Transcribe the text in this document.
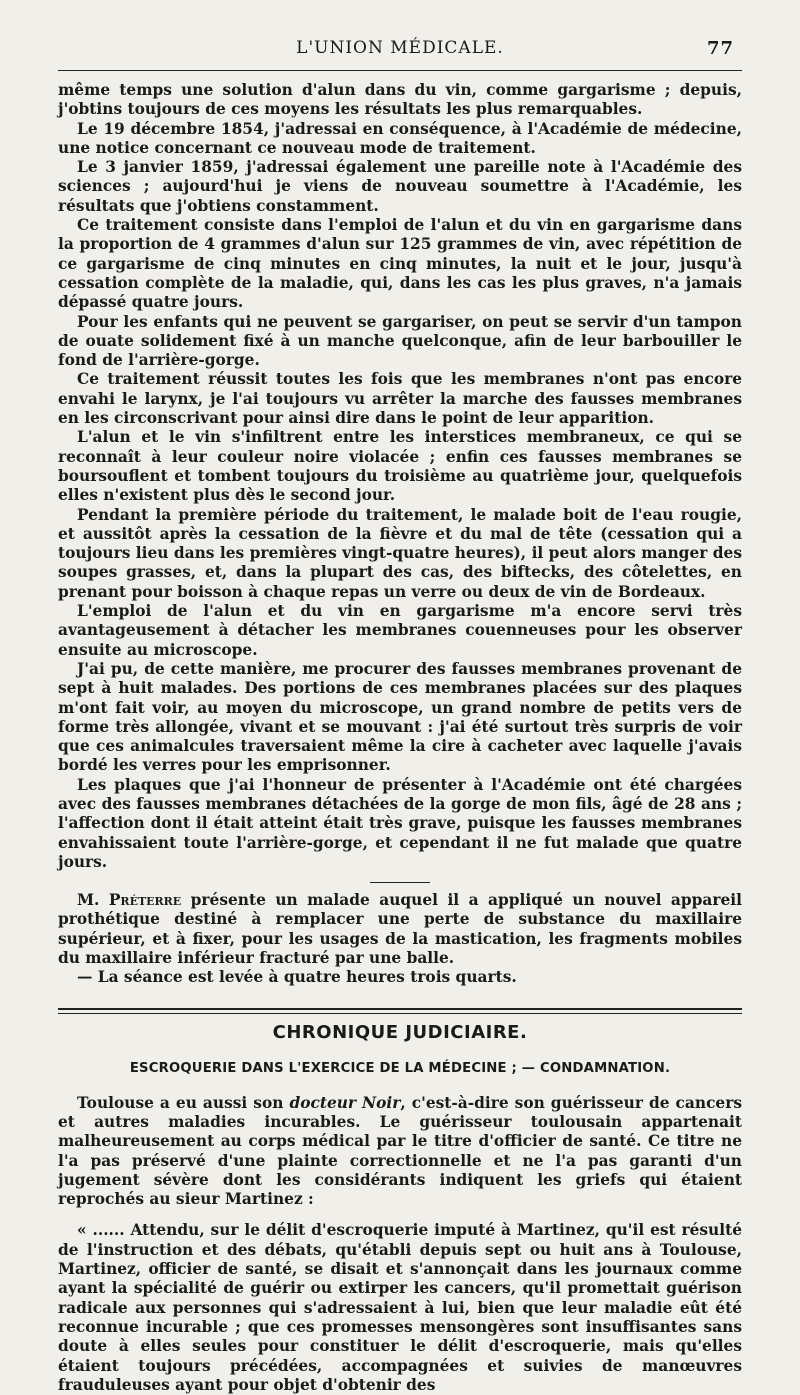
L'UNION MÉDICALE.	77

même temps une solution d'alun dans du vin, comme gargarisme ; depuis, j'obtins toujours de ces moyens les résultats les plus remarquables.

Le 19 décembre 1854, j'adressai en conséquence, à l'Académie de médecine, une notice concernant ce nouveau mode de traitement.

Le 3 janvier 1859, j'adressai également une pareille note à l'Académie des sciences ; aujourd'hui je viens de nouveau soumettre à l'Académie, les résultats que j'obtiens constamment.

Ce traitement consiste dans l'emploi de l'alun et du vin en gargarisme dans la proportion de 4 grammes d'alun sur 125 grammes de vin, avec répétition de ce gargarisme de cinq minutes en cinq minutes, la nuit et le jour, jusqu'à cessation complète de la maladie, qui, dans les cas les plus graves, n'a jamais dépassé quatre jours.

Pour les enfants qui ne peuvent se gargariser, on peut se servir d'un tampon de ouate solidement fixé à un manche quelconque, afin de leur barbouiller le fond de l'arrière-gorge.

Ce traitement réussit toutes les fois que les membranes n'ont pas encore envahi le larynx, je l'ai toujours vu arrêter la marche des fausses membranes en les circonscrivant pour ainsi dire dans le point de leur apparition.

L'alun et le vin s'infiltrent entre les interstices membraneux, ce qui se reconnaît à leur couleur noire violacée ; enfin ces fausses membranes se boursouflent et tombent toujours du troisième au quatrième jour, quelquefois elles n'existent plus dès le second jour.

Pendant la première période du traitement, le malade boit de l'eau rougie, et aussitôt après la cessation de la fièvre et du mal de tête (cessation qui a toujours lieu dans les premières vingt-quatre heures), il peut alors manger des soupes grasses, et, dans la plupart des cas, des biftecks, des côtelettes, en prenant pour boisson à chaque repas un verre ou deux de vin de Bordeaux.

L'emploi de l'alun et du vin en gargarisme m'a encore servi très avantageusement à détacher les membranes couenneuses pour les observer ensuite au microscope.

J'ai pu, de cette manière, me procurer des fausses membranes provenant de sept à huit malades. Des portions de ces membranes placées sur des plaques m'ont fait voir, au moyen du microscope, un grand nombre de petits vers de forme très allongée, vivant et se mouvant : j'ai été surtout très surpris de voir que ces animalcules traversaient même la cire à cacheter avec laquelle j'avais bordé les verres pour les emprisonner.

Les plaques que j'ai l'honneur de présenter à l'Académie ont été chargées avec des fausses membranes détachées de la gorge de mon fils, âgé de 28 ans ; l'affection dont il était atteint était très grave, puisque les fausses membranes envahissaient toute l'arrière-gorge, et cependant il ne fut malade que quatre jours.

M. Préterre présente un malade auquel il a appliqué un nouvel appareil prothétique destiné à remplacer une perte de substance du maxillaire supérieur, et à fixer, pour les usages de la mastication, les fragments mobiles du maxillaire inférieur fracturé par une balle.

— La séance est levée à quatre heures trois quarts.

CHRONIQUE JUDICIAIRE.
ESCROQUERIE DANS L'EXERCICE DE LA MÉDECINE ; — CONDAMNATION.

Toulouse a eu aussi son docteur Noir, c'est-à-dire son guérisseur de cancers et autres maladies incurables. Le guérisseur toulousain appartenait malheureusement au corps médical par le titre d'officier de santé. Ce titre ne l'a pas préservé d'une plainte correctionnelle et ne l'a pas garanti d'un jugement sévère dont les considérants indiquent les griefs qui étaient reprochés au sieur Martinez :

« ...... Attendu, sur le délit d'escroquerie imputé à Martinez, qu'il est résulté de l'instruction et des débats, qu'établi depuis sept ou huit ans à Toulouse, Martinez, officier de santé, se disait et s'annonçait dans les journaux comme ayant la spécialité de guérir ou extirper les cancers, qu'il promettait guérison radicale aux personnes qui s'adressaient à lui, bien que leur maladie eût été reconnue incurable ; que ces promesses mensongères sont insuffisantes sans doute à elles seules pour constituer le délit d'escroquerie, mais qu'elles étaient toujours précédées, accompagnées et suivies de manœuvres frauduleuses ayant pour objet d'obtenir des
